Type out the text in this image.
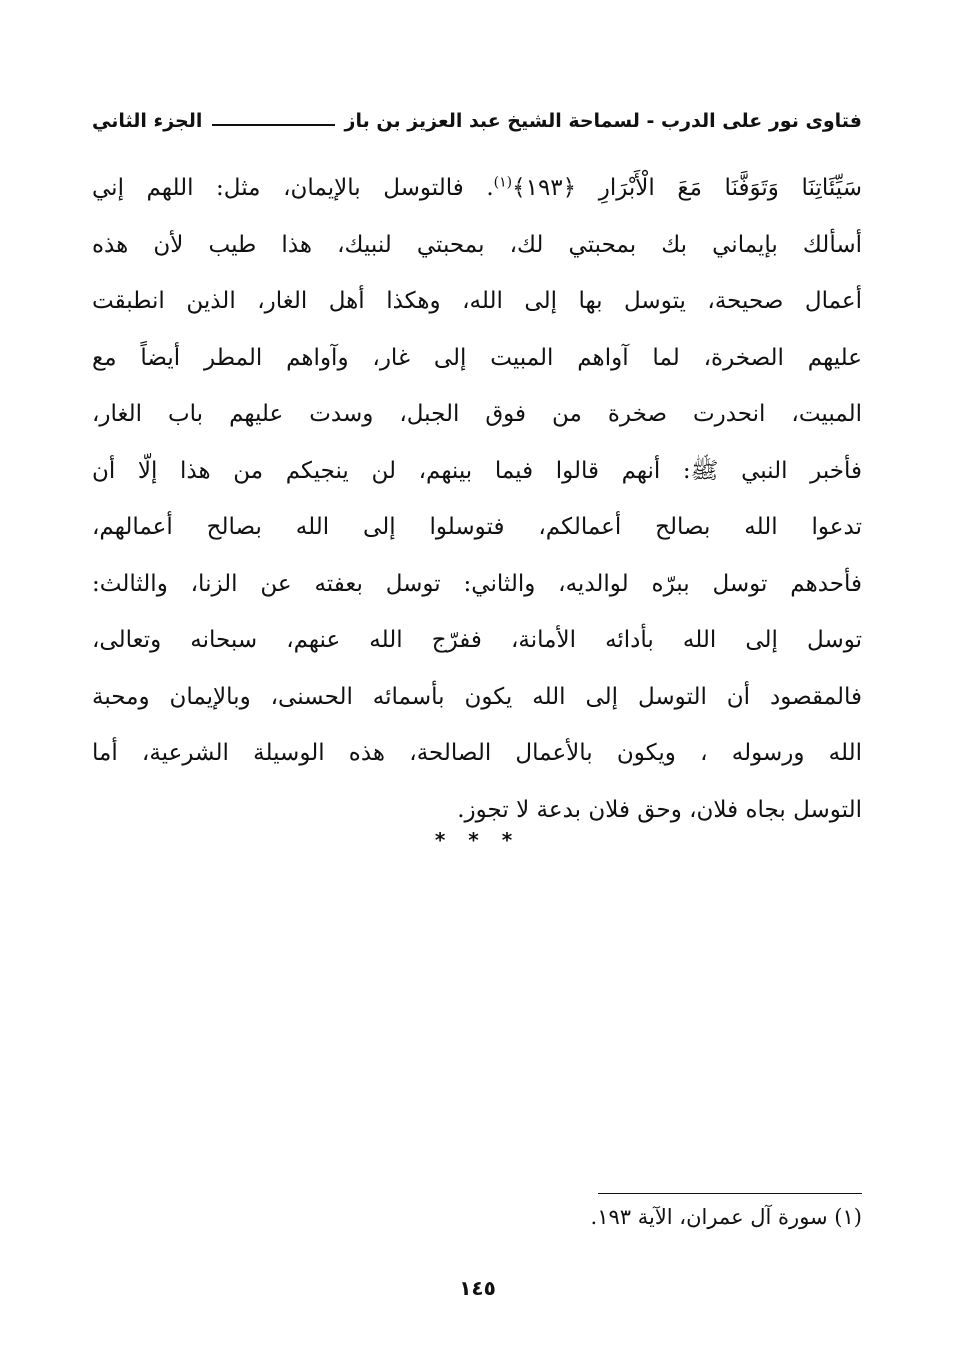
فتاوى نور على الدرب - لسماحة الشيخ عبد العزيز بن باز
الجزء الثاني
سَيِّئَاتِنَا وَتَوَفَّنَا مَعَ الْأَبْرَارِ ﴿١٩٣﴾$^{(١)}$. فالتوسل بالإيمان، مثل: اللهم إني
أسألك بإيماني بك بمحبتي لك، بمحبتي لنبيك، هذا طيب لأن هذه
أعمال صحيحة، يتوسل بها إلى الله، وهكذا أهل الغار، الذين انطبقت
عليهم الصخرة، لما آواهم المبيت إلى غار، وآواهم المطر أيضاً مع
المبيت، انحدرت صخرة من فوق الجبل، وسدت عليهم باب الغار،
فأخبر النبي ﷺ: أنهم قالوا فيما بينهم، لن ينجيكم من هذا إلّا أن
تدعوا الله بصالح أعمالكم، فتوسلوا إلى الله بصالح أعمالهم،
فأحدهم توسل ببرّه لوالديه، والثاني: توسل بعفته عن الزنا، والثالث:
توسل إلى الله بأدائه الأمانة، ففرّج الله عنهم، سبحانه وتعالى،
فالمقصود أن التوسل إلى الله يكون بأسمائه الحسنى، وبالإيمان ومحبة
الله ورسوله ، ويكون بالأعمال الصالحة، هذه الوسيلة الشرعية، أما
التوسل بجاه فلان، وحق فلان بدعة لا تجوز.
* * *
(١) سورة آل عمران، الآية ١٩٣.
١٤٥
